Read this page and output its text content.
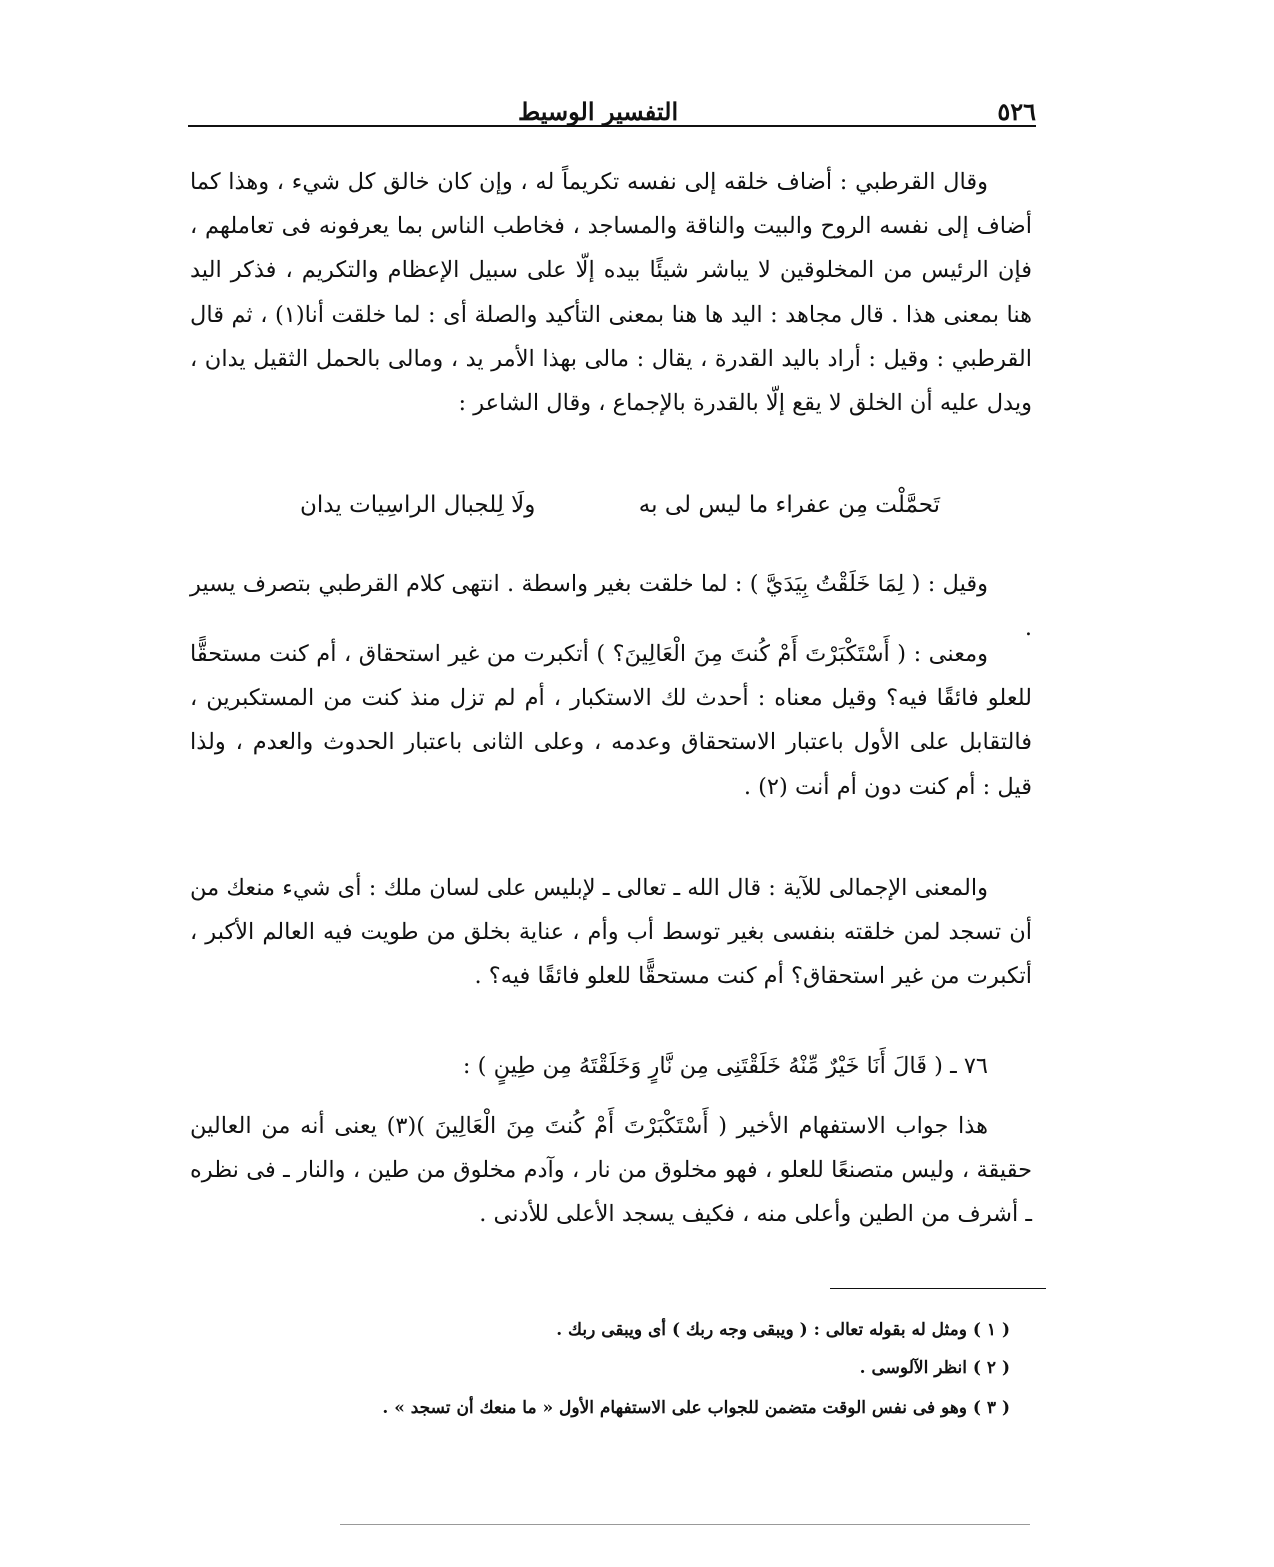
٥٢٦
التفسير الوسيط
وقال القرطبي : أضاف خلقه إلى نفسه تكريماً له ، وإن كان خالق كل شيء ، وهذا كما أضاف إلى نفسه الروح والبيت والناقة والمساجد ، فخاطب الناس بما يعرفونه فى تعاملهم ، فإن الرئيس من المخلوقين لا يباشر شيئًا بيده إلّا على سبيل الإعظام والتكريم ، فذكر اليد هنا بمعنى هذا . قال مجاهد : اليد ها هنا بمعنى التأكيد والصلة أى : لما خلقت أنا(١) ، ثم قال القرطبي : وقيل : أراد باليد القدرة ، يقال : مالى بهذا الأمر يد ، ومالى بالحمل الثقيل يدان ، ويدل عليه أن الخلق لا يقع إلّا بالقدرة بالإجماع ، وقال الشاعر :
تَحمَّلْت مِن عفراء ما ليس لى به
ولَا لِلجبال الراسِيات يدان
وقيل : ( لِمَا خَلَقْتُ بِيَدَيَّ ) : لما خلقت بغير واسطة . انتهى كلام القرطبي بتصرف يسير .
ومعنى : ( أَسْتَكْبَرْتَ أَمْ كُنتَ مِنَ الْعَالِينَ؟ ) أتكبرت من غير استحقاق ، أم كنت مستحقًّا للعلو فائقًا فيه؟ وقيل معناه : أحدث لك الاستكبار ، أم لم تزل منذ كنت من المستكبرين ، فالتقابل على الأول باعتبار الاستحقاق وعدمه ، وعلى الثانى باعتبار الحدوث والعدم ، ولذا قيل : أم كنت دون أم أنت (٢) .
والمعنى الإجمالى للآية : قال الله ـ تعالى ـ لإبليس على لسان ملك : أى شيء منعك من أن تسجد لمن خلقته بنفسى بغير توسط أب وأم ، عناية بخلق من طويت فيه العالم الأكبر ، أتكبرت من غير استحقاق؟ أم كنت مستحقًّا للعلو فائقًا فيه؟ .
٧٦ ـ ( قَالَ أَنَا خَيْرٌ مِّنْهُ خَلَقْتَنِى مِن نَّارٍ وَخَلَقْتَهُ مِن طِينٍ ) :
هذا جواب الاستفهام الأخير ( أَسْتَكْبَرْتَ أَمْ كُنتَ مِنَ الْعَالِينَ )(٣) يعنى أنه من العالين حقيقة ، وليس متصنعًا للعلو ، فهو مخلوق من نار ، وآدم مخلوق من طين ، والنار ـ فى نظره ـ أشرف من الطين وأعلى منه ، فكيف يسجد الأعلى للأدنى .
( ١ ) ومثل له بقوله تعالى : ( ويبقى وجه ربك ) أى ويبقى ربك .
( ٢ ) انظر الآلوسى .
( ٣ ) وهو فى نفس الوقت متضمن للجواب على الاستفهام الأول « ما منعك أن تسجد » .
